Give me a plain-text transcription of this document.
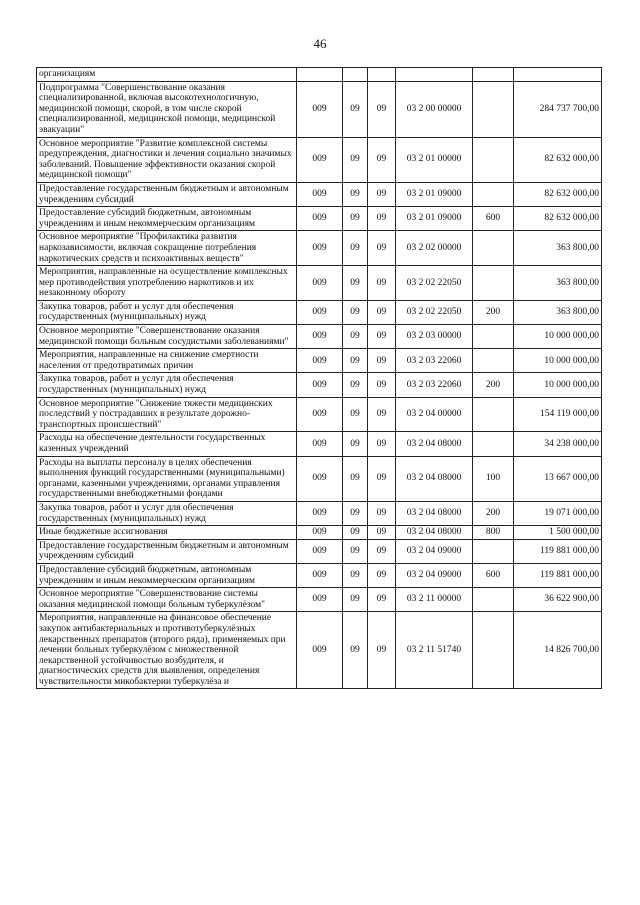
46
организациям						
Подпрограмма "Совершенствование оказания специализированной, включая высокотехнологичную, медицинской помощи, скорой, в том числе скорой специализированной, медицинской помощи, медицинской эвакуации"	009	09	09	03 2 00 00000		284 737 700,00
Основное мероприятие "Развитие комплексной системы предупреждения, диагностики и лечения социально значимых заболеваний. Повышение эффективности оказания скорой медицинской помощи"	009	09	09	03 2 01 00000		82 632 000,00
Предоставление государственным бюджетным и автономным учреждениям субсидий	009	09	09	03 2 01 09000		82 632 000,00
Предоставление субсидий бюджетным, автономным учреждениям и иным некоммерческим организациям	009	09	09	03 2 01 09000	600	82 632 000,00
Основное мероприятие "Профилактика развития наркозависимости, включая сокращение потребления наркотических средств и психоактивных веществ"	009	09	09	03 2 02 00000		363 800,00
Мероприятия, направленные на осуществление комплексных мер противодействия употреблению наркотиков и их незаконному обороту	009	09	09	03 2 02 22050		363 800,00
Закупка товаров, работ и услуг для обеспечения государственных (муниципальных) нужд	009	09	09	03 2 02 22050	200	363 800,00
Основное мероприятие "Совершенствование оказания медицинской помощи больным сосудистыми заболеваниями"	009	09	09	03 2 03 00000		10 000 000,00
Мероприятия, направленные на снижение смертности населения от предотвратимых причин	009	09	09	03 2 03 22060		10 000 000,00
Закупка товаров, работ и услуг для обеспечения государственных (муниципальных) нужд	009	09	09	03 2 03 22060	200	10 000 000,00
Основное мероприятие "Снижение тяжести медицинских последствий у пострадавших в результате дорожно-транспортных происшествий"	009	09	09	03 2 04 00000		154 119 000,00
Расходы на обеспечение деятельности государственных казенных учреждений	009	09	09	03 2 04 08000		34 238 000,00
Расходы на выплаты персоналу в целях обеспечения выполнения функций государственными (муниципальными) органами, казенными учреждениями, органами управления государственными внебюджетными фондами	009	09	09	03 2 04 08000	100	13 667 000,00
Закупка товаров, работ и услуг для обеспечения государственных (муниципальных) нужд	009	09	09	03 2 04 08000	200	19 071 000,00
Иные бюджетные ассигнования	009	09	09	03 2 04 08000	800	1 500 000,00
Предоставление государственным бюджетным и автономным учреждениям субсидий	009	09	09	03 2 04 09000		119 881 000,00
Предоставление субсидий бюджетным, автономным учреждениям и иным некоммерческим организациям	009	09	09	03 2 04 09000	600	119 881 000,00
Основное мероприятие "Совершенствование системы оказания медицинской помощи больным туберкулёзом"	009	09	09	03 2 11 00000		36 622 900,00
Мероприятия, направленные на финансовое обеспечение закупок антибактериальных и противотуберкулёзных лекарственных препаратов (второго ряда), применяемых при лечении больных туберкулёзом с множественной лекарственной устойчивостью возбудителя, и диагностических средств для выявления, определения чувствительности микобактерии туберкулёза и	009	09	09	03 2 11 51740		14 826 700,00
